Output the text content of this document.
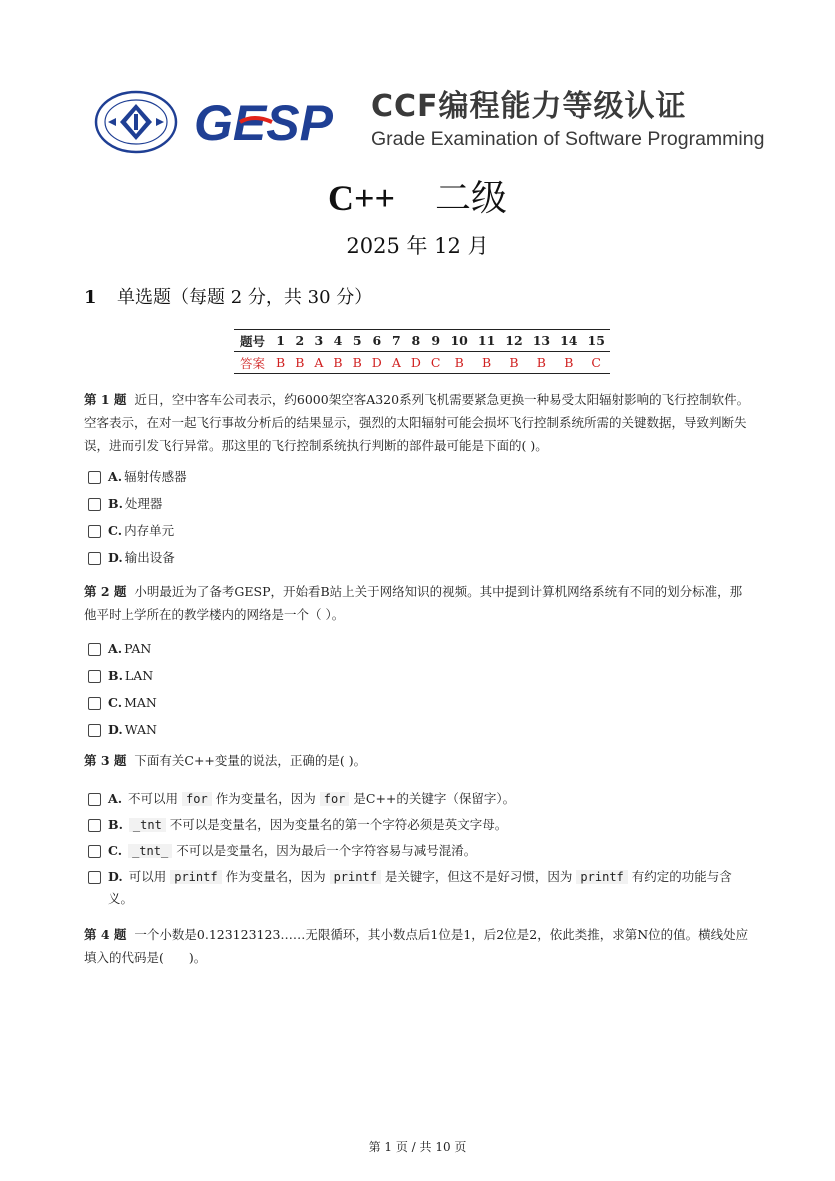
GESP CCF编程能力等级认证
Grade Examination of Software Programming
C++ 二级
2025 年 12 月
1 单选题（每题 2 分，共 30 分）
题号	1	2	3	4	5	6	7	8	9	10	11	12	13	14	15
答案	B	B	A	B	B	D	A	D	C	B	B	B	B	B	C
第 1 题 近日，空中客车公司表示，约6000架空客A320系列飞机需要紧急更换一种易受太阳辐射影响的飞行控制软件。空客表示，在对一起飞行事故分析后的结果显示，强烈的太阳辐射可能会损坏飞行控制系统所需的关键数据，导致判断失误，进而引发飞行异常。那这里的飞行控制系统执行判断的部件最可能是下面的( )。
A. 辐射传感器
B. 处理器
C. 内存单元
D. 输出设备
第 2 题 小明最近为了备考GESP，开始看B站上关于网络知识的视频。其中提到计算机网络系统有不同的划分标准，那他平时上学所在的教学楼内的网络是一个（ ）。
A. PAN
B. LAN
C. MAN
D. WAN
第 3 题 下面有关C++变量的说法，正确的是( )。
A. 不可以用 for 作为变量名，因为 for 是C++的关键字（保留字）。
B. _tnt 不可以是变量名，因为变量名的第一个字符必须是英文字母。
C. _tnt_ 不可以是变量名，因为最后一个字符容易与减号混淆。
D. 可以用 printf 作为变量名，因为 printf 是关键字，但这不是好习惯，因为 printf 有约定的功能与含义。
第 4 题 一个小数是0.123123123……无限循环，其小数点后1位是1，后2位是2，依此类推，求第N位的值。横线处应填入的代码是(　　)。
第 1 页 / 共 10 页
